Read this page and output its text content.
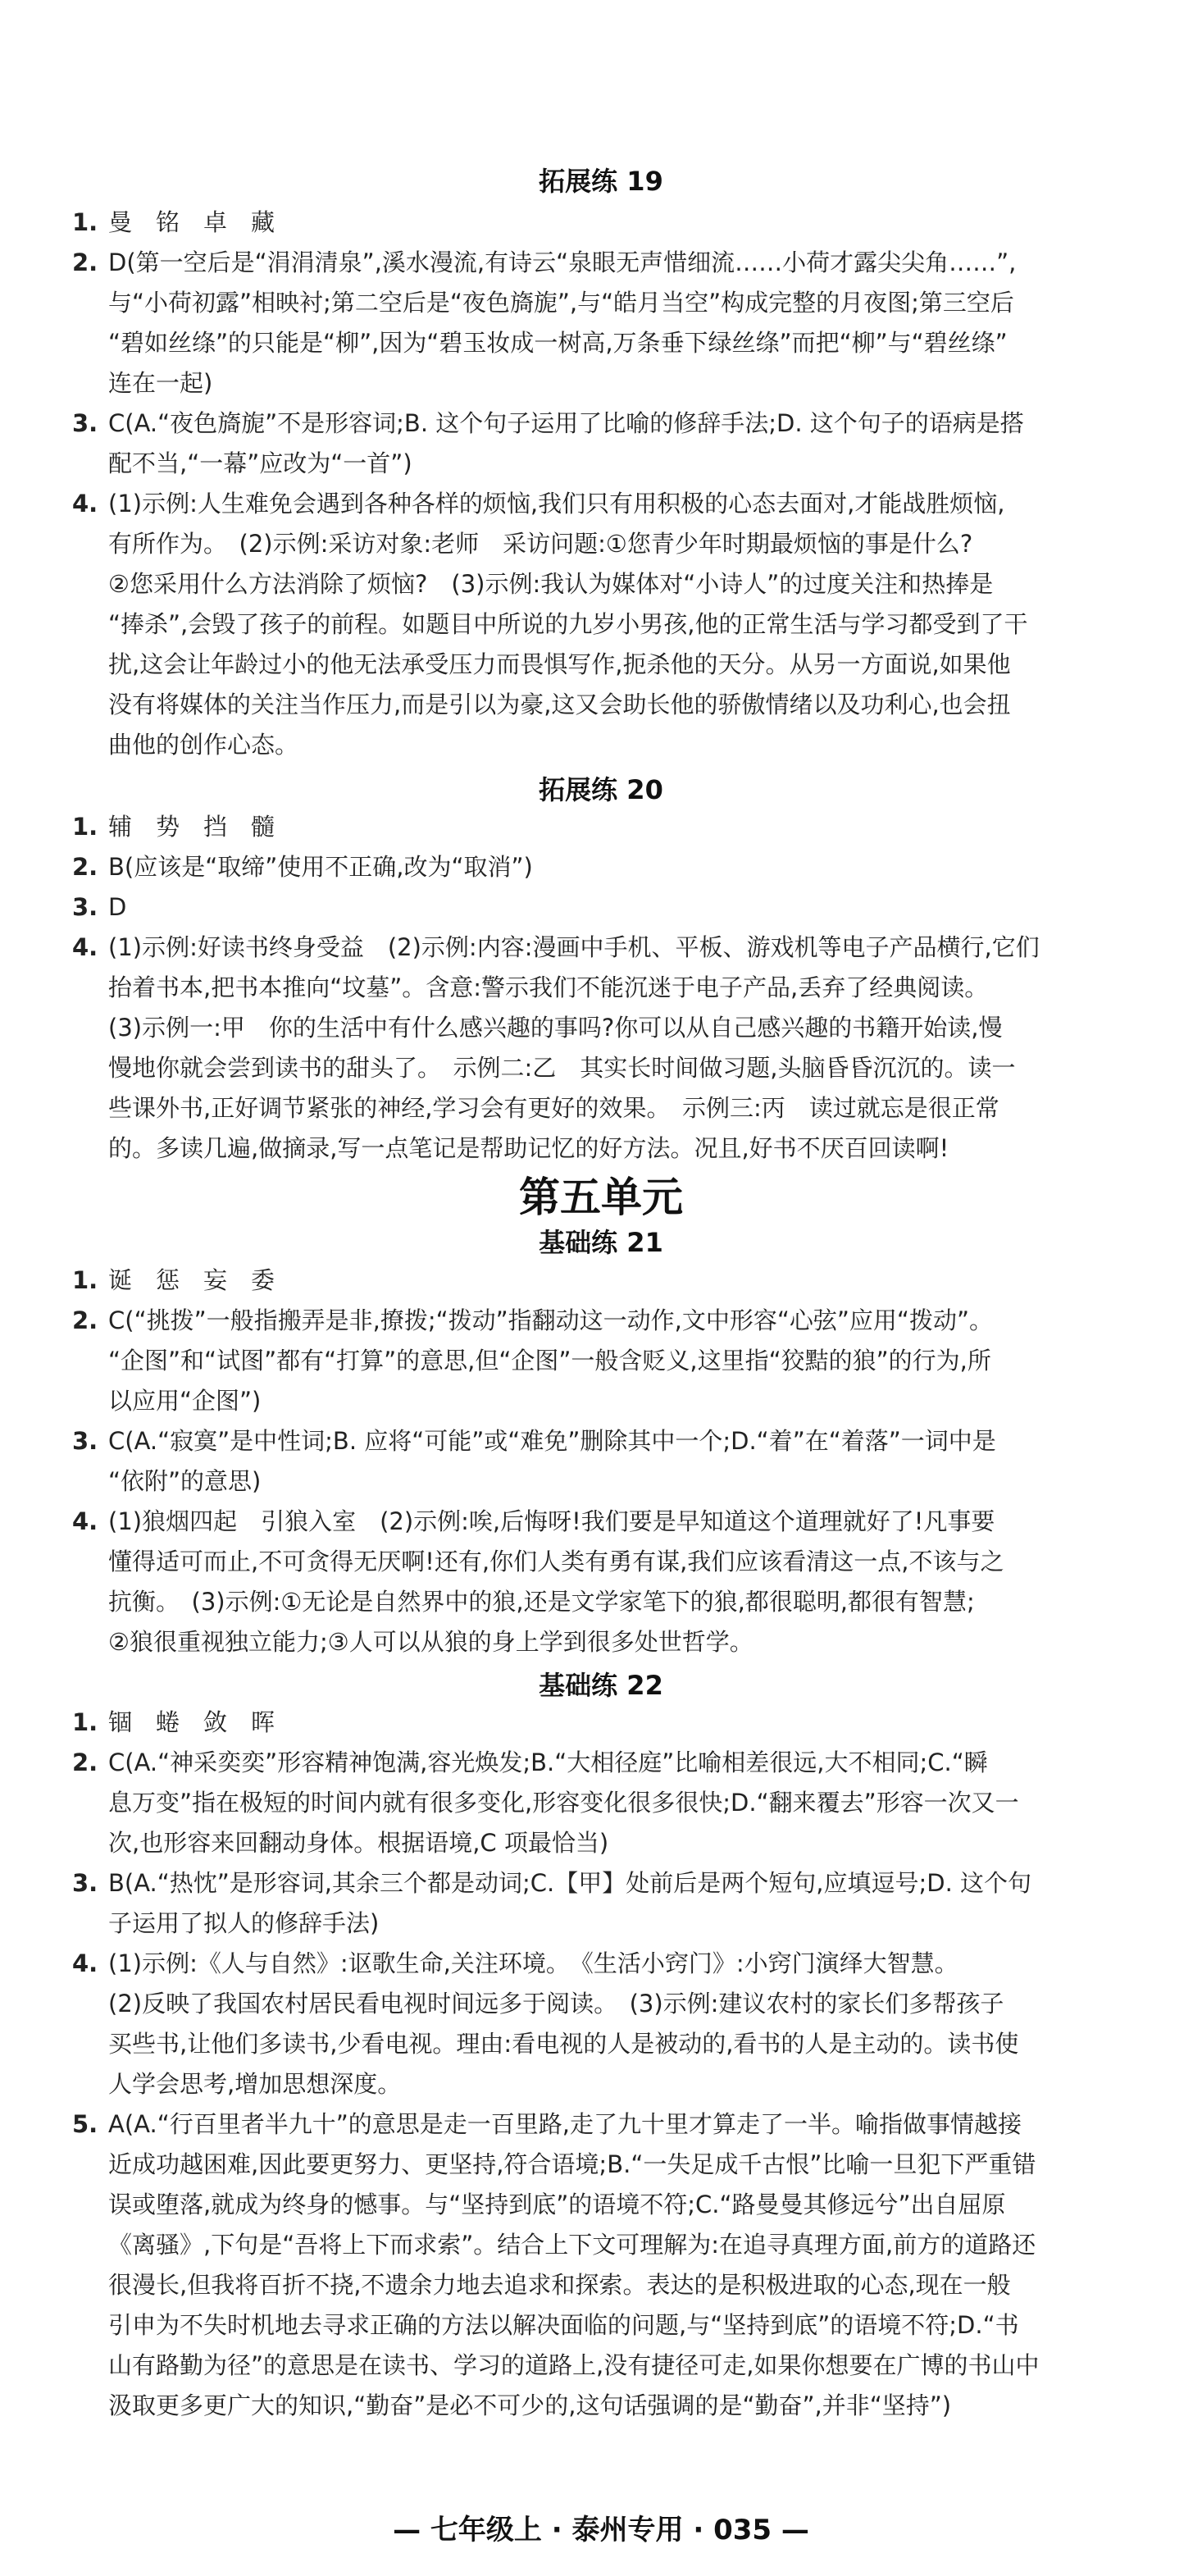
拓展练 19
1. 曼　铭　卓　藏
2. D(第一空后是“涓涓清泉”,溪水漫流,有诗云“泉眼无声惜细流……小荷才露尖尖角……”,
与“小荷初露”相映衬;第二空后是“夜色旖旎”,与“皓月当空”构成完整的月夜图;第三空后
“碧如丝绦”的只能是“柳”,因为“碧玉妆成一树高,万条垂下绿丝绦”而把“柳”与“碧丝绦”
连在一起)
3. C(A.“夜色旖旎”不是形容词;B. 这个句子运用了比喻的修辞手法;D. 这个句子的语病是搭
配不当,“一幕”应改为“一首”)
4. (1)示例:人生难免会遇到各种各样的烦恼,我们只有用积极的心态去面对,才能战胜烦恼,
有所作为。　(2)示例:采访对象:老师　采访问题:①您青少年时期最烦恼的事是什么?
②您采用什么方法消除了烦恼?　(3)示例:我认为媒体对“小诗人”的过度关注和热捧是
“捧杀”,会毁了孩子的前程。如题目中所说的九岁小男孩,他的正常生活与学习都受到了干
扰,这会让年龄过小的他无法承受压力而畏惧写作,扼杀他的天分。从另一方面说,如果他
没有将媒体的关注当作压力,而是引以为豪,这又会助长他的骄傲情绪以及功利心,也会扭
曲他的创作心态。
拓展练 20
1. 辅　势　挡　髓
2. B(应该是“取缔”使用不正确,改为“取消”)
3. D
4. (1)示例:好读书终身受益　(2)示例:内容:漫画中手机、平板、游戏机等电子产品横行,它们
抬着书本,把书本推向“坟墓”。含意:警示我们不能沉迷于电子产品,丢弃了经典阅读。
(3)示例一:甲　你的生活中有什么感兴趣的事吗?你可以从自己感兴趣的书籍开始读,慢
慢地你就会尝到读书的甜头了。　示例二:乙　其实长时间做习题,头脑昏昏沉沉的。读一
些课外书,正好调节紧张的神经,学习会有更好的效果。　示例三:丙　读过就忘是很正常
的。多读几遍,做摘录,写一点笔记是帮助记忆的好方法。况且,好书不厌百回读啊!
第五单元
基础练 21
1. 诞　惩　妄　委
2. C(“挑拨”一般指搬弄是非,撩拨;“拨动”指翻动这一动作,文中形容“心弦”应用“拨动”。
“企图”和“试图”都有“打算”的意思,但“企图”一般含贬义,这里指“狡黠的狼”的行为,所
以应用“企图”)
3. C(A.“寂寞”是中性词;B. 应将“可能”或“难免”删除其中一个;D.“着”在“着落”一词中是
“依附”的意思)
4. (1)狼烟四起　引狼入室　(2)示例:唉,后悔呀!我们要是早知道这个道理就好了!凡事要
懂得适可而止,不可贪得无厌啊!还有,你们人类有勇有谋,我们应该看清这一点,不该与之
抗衡。　(3)示例:①无论是自然界中的狼,还是文学家笔下的狼,都很聪明,都很有智慧;
②狼很重视独立能力;③人可以从狼的身上学到很多处世哲学。
基础练 22
1. 锢　蜷　敛　晖
2. C(A.“神采奕奕”形容精神饱满,容光焕发;B.“大相径庭”比喻相差很远,大不相同;C.“瞬
息万变”指在极短的时间内就有很多变化,形容变化很多很快;D.“翻来覆去”形容一次又一
次,也形容来回翻动身体。根据语境,C 项最恰当)
3. B(A.“热忱”是形容词,其余三个都是动词;C.【甲】处前后是两个短句,应填逗号;D. 这个句
子运用了拟人的修辞手法)
4. (1)示例:《人与自然》:讴歌生命,关注环境。　《生活小窍门》:小窍门演绎大智慧。
(2)反映了我国农村居民看电视时间远多于阅读。　(3)示例:建议农村的家长们多帮孩子
买些书,让他们多读书,少看电视。理由:看电视的人是被动的,看书的人是主动的。读书使
人学会思考,增加思想深度。
5. A(A.“行百里者半九十”的意思是走一百里路,走了九十里才算走了一半。喻指做事情越接
近成功越困难,因此要更努力、更坚持,符合语境;B.“一失足成千古恨”比喻一旦犯下严重错
误或堕落,就成为终身的憾事。与“坚持到底”的语境不符;C.“路曼曼其修远兮”出自屈原
《离骚》,下句是“吾将上下而求索”。结合上下文可理解为:在追寻真理方面,前方的道路还
很漫长,但我将百折不挠,不遗余力地去追求和探索。表达的是积极进取的心态,现在一般
引申为不失时机地去寻求正确的方法以解决面临的问题,与“坚持到底”的语境不符;D.“书
山有路勤为径”的意思是在读书、学习的道路上,没有捷径可走,如果你想要在广博的书山中
汲取更多更广大的知识,“勤奋”是必不可少的,这句话强调的是“勤奋”,并非“坚持”)
— 七年级上 · 泰州专用 · 035 —
